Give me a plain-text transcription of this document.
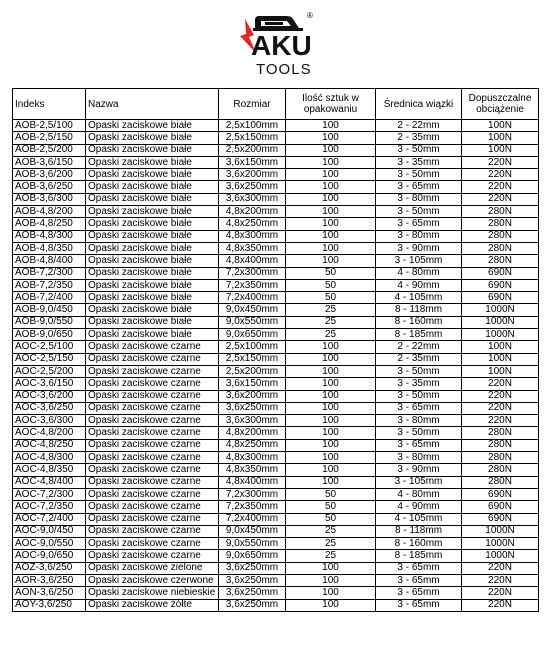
®
AKU
TOOLS
Indeks	Nazwa	Rozmiar	Ilość sztuk w opakowaniu	Średnica wiązki	Dopuszczalne obciążenie
AOB-2,5/100	Opaski zaciskowe białe	2,5x100mm	100	2 - 22mm	100N
AOB-2,5/150	Opaski zaciskowe białe	2,5x150mm	100	2 - 35mm	100N
AOB-2,5/200	Opaski zaciskowe białe	2,5x200mm	100	3 - 50mm	100N
AOB-3,6/150	Opaski zaciskowe białe	3,6x150mm	100	3 - 35mm	220N
AOB-3,6/200	Opaski zaciskowe białe	3,6x200mm	100	3 - 50mm	220N
AOB-3,6/250	Opaski zaciskowe białe	3,6x250mm	100	3 - 65mm	220N
AOB-3,6/300	Opaski zaciskowe białe	3,6x300mm	100	3 - 80mm	220N
AOB-4,8/200	Opaski zaciskowe białe	4,8x200mm	100	3 - 50mm	280N
AOB-4,8/250	Opaski zaciskowe białe	4,8x250mm	100	3 - 65mm	280N
AOB-4,8/300	Opaski zaciskowe białe	4,8x300mm	100	3 - 80mm	280N
AOB-4,8/350	Opaski zaciskowe białe	4,8x350mm	100	3 - 90mm	280N
AOB-4,8/400	Opaski zaciskowe białe	4,8x400mm	100	3 - 105mm	280N
AOB-7,2/300	Opaski zaciskowe białe	7,2x300mm	50	4 - 80mm	690N
AOB-7,2/350	Opaski zaciskowe białe	7,2x350mm	50	4 - 90mm	690N
AOB-7,2/400	Opaski zaciskowe białe	7,2x400mm	50	4 - 105mm	690N
AOB-9,0/450	Opaski zaciskowe białe	9,0x450mm	25	8 - 118mm	1000N
AOB-9,0/550	Opaski zaciskowe białe	9,0x550mm	25	8 - 160mm	1000N
AOB-9,0/650	Opaski zaciskowe białe	9,0x650mm	25	8 - 185mm	1000N
AOC-2,5/100	Opaski zaciskowe czarne	2,5x100mm	100	2 - 22mm	100N
AOC-2,5/150	Opaski zaciskowe czarne	2,5x150mm	100	2 - 35mm	100N
AOC-2,5/200	Opaski zaciskowe czarne	2,5x200mm	100	3 - 50mm	100N
AOC-3,6/150	Opaski zaciskowe czarne	3,6x150mm	100	3 - 35mm	220N
AOC-3,6/200	Opaski zaciskowe czarne	3,6x200mm	100	3 - 50mm	220N
AOC-3,6/250	Opaski zaciskowe czarne	3,6x250mm	100	3 - 65mm	220N
AOC-3,6/300	Opaski zaciskowe czarne	3,6x300mm	100	3 - 80mm	220N
AOC-4,8/200	Opaski zaciskowe czarne	4,8x200mm	100	3 - 50mm	280N
AOC-4,8/250	Opaski zaciskowe czarne	4,8x250mm	100	3 - 65mm	280N
AOC-4,8/300	Opaski zaciskowe czarne	4,8x300mm	100	3 - 80mm	280N
AOC-4,8/350	Opaski zaciskowe czarne	4,8x350mm	100	3 - 90mm	280N
AOC-4,8/400	Opaski zaciskowe czarne	4,8x400mm	100	3 - 105mm	280N
AOC-7,2/300	Opaski zaciskowe czarne	7,2x300mm	50	4 - 80mm	690N
AOC-7,2/350	Opaski zaciskowe czarne	7,2x350mm	50	4 - 90mm	690N
AOC-7,2/400	Opaski zaciskowe czarne	7,2x400mm	50	4 - 105mm	690N
AOC-9,0/450	Opaski zaciskowe czarne	9,0x450mm	25	8 - 118mm	1000N
AOC-9,0/550	Opaski zaciskowe czarne	9,0x550mm	25	8 - 160mm	1000N
AOC-9,0/650	Opaski zaciskowe czarne	9,0x650mm	25	8 - 185mm	1000N
AOZ-3,6/250	Opaski zaciskowe zielone	3,6x250mm	100	3 - 65mm	220N
AOR-3,6/250	Opaski zaciskowe czerwone	3,6x250mm	100	3 - 65mm	220N
AON-3,6/250	Opaski zaciskowe niebieskie	3,6x250mm	100	3 - 65mm	220N
AOY-3,6/250	Opaski zaciskowe żółte	3,6x250mm	100	3 - 65mm	220N
